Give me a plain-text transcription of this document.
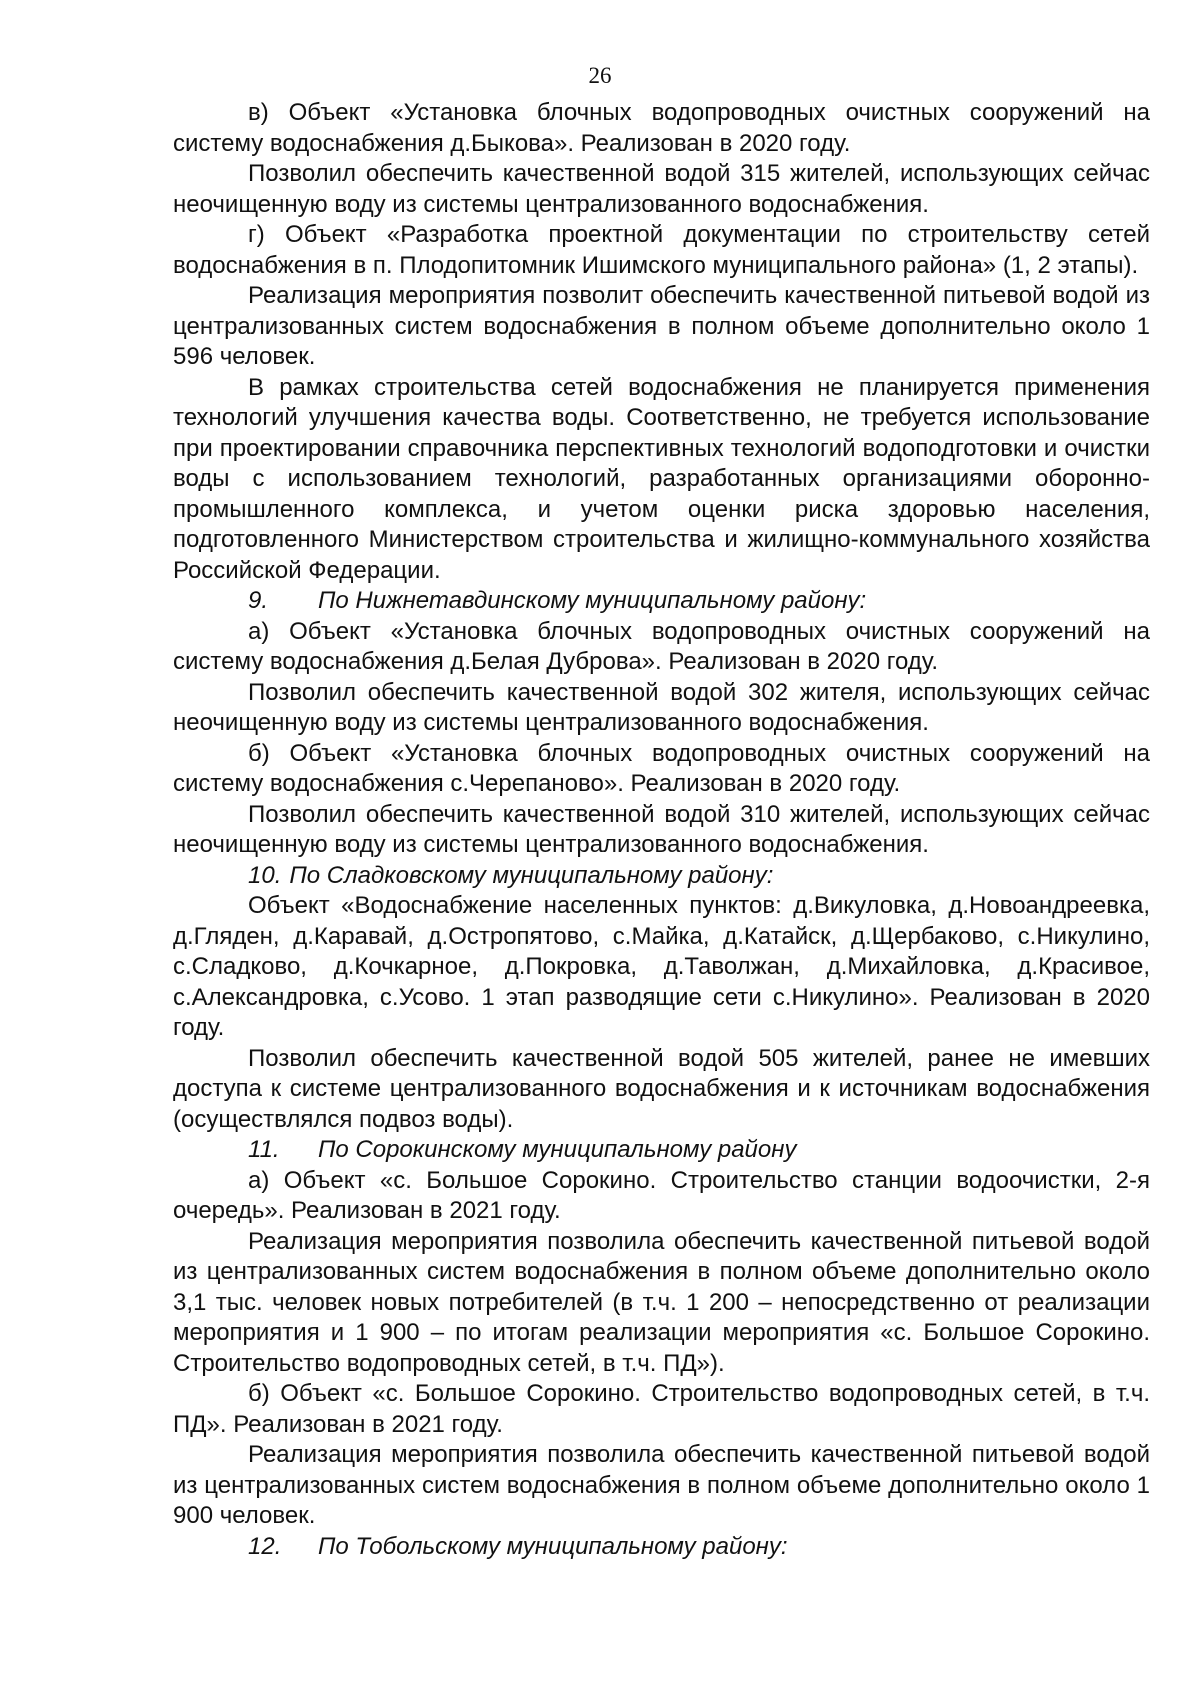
26

в) Объект «Установка блочных водопроводных очистных сооружений на систему водоснабжения д.Быкова». Реализован в 2020 году.

Позволил обеспечить качественной водой 315 жителей, использующих сейчас неочищенную воду из системы централизованного водоснабжения.

г) Объект «Разработка проектной документации по строительству сетей водоснабжения в п. Плодопитомник Ишимского муниципального района» (1, 2 этапы).

Реализация мероприятия позволит обеспечить качественной питьевой водой из централизованных систем водоснабжения в полном объеме дополнительно около 1 596 человек.

В рамках строительства сетей водоснабжения не планируется применения технологий улучшения качества воды. Соответственно, не требуется использование при проектировании справочника перспективных технологий водоподготовки и очистки воды с использованием технологий, разработанных организациями оборонно-промышленного комплекса, и учетом оценки риска здоровью населения, подготовленного Министерством строительства и жилищно-коммунального хозяйства Российской Федерации.

9. По Нижнетавдинскому муниципальному району:

а) Объект «Установка блочных водопроводных очистных сооружений на систему водоснабжения д.Белая Дуброва». Реализован в 2020 году.

Позволил обеспечить качественной водой 302 жителя, использующих сейчас неочищенную воду из системы централизованного водоснабжения.

б) Объект «Установка блочных водопроводных очистных сооружений на систему водоснабжения с.Черепаново». Реализован в 2020 году.

Позволил обеспечить качественной водой 310 жителей, использующих сейчас неочищенную воду из системы централизованного водоснабжения.

10. По Сладковскому муниципальному району:

Объект «Водоснабжение населенных пунктов: д.Викуловка, д.Новоандреевка, д.Гляден, д.Каравай, д.Остропятово, с.Майка, д.Катайск, д.Щербаково, с.Никулино, с.Сладково, д.Кочкарное, д.Покровка, д.Таволжан, д.Михайловка, д.Красивое, с.Александровка, с.Усово. 1 этап разводящие сети с.Никулино». Реализован в 2020 году.

Позволил обеспечить качественной водой 505 жителей, ранее не имевших доступа к системе централизованного водоснабжения и к источникам водоснабжения (осуществлялся подвоз воды).

11. По Сорокинскому муниципальному району

а) Объект «с. Большое Сорокино. Строительство станции водоочистки, 2-я очередь». Реализован в 2021 году.

Реализация мероприятия позволила обеспечить качественной питьевой водой из централизованных систем водоснабжения в полном объеме дополнительно около 3,1 тыс. человек новых потребителей (в т.ч. 1 200 – непосредственно от реализации мероприятия и 1 900 – по итогам реализации мероприятия «с. Большое Сорокино. Строительство водопроводных сетей, в т.ч. ПД»).

б) Объект «с. Большое Сорокино. Строительство водопроводных сетей, в т.ч. ПД». Реализован в 2021 году.

Реализация мероприятия позволила обеспечить качественной питьевой водой из централизованных систем водоснабжения в полном объеме дополнительно около 1 900 человек.

12. По Тобольскому муниципальному району:
